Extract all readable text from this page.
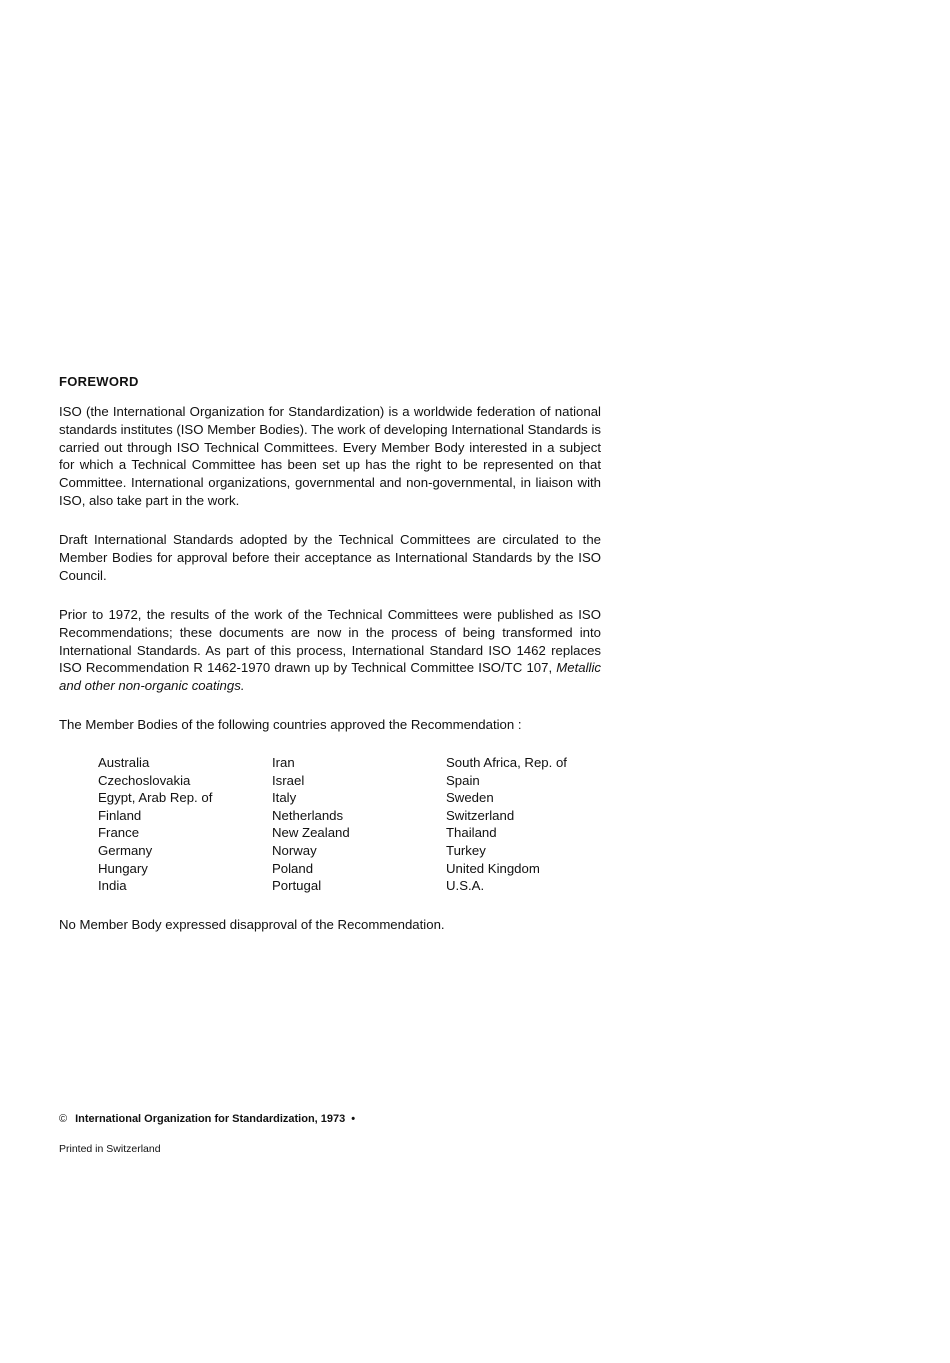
FOREWORD

ISO (the International Organization for Standardization) is a worldwide federation of national standards institutes (ISO Member Bodies). The work of developing International Standards is carried out through ISO Technical Committees. Every Member Body interested in a subject for which a Technical Committee has been set up has the right to be represented on that Committee. International organizations, governmental and non-governmental, in liaison with ISO, also take part in the work.

Draft International Standards adopted by the Technical Committees are circulated to the Member Bodies for approval before their acceptance as International Standards by the ISO Council.

Prior to 1972, the results of the work of the Technical Committees were published as ISO Recommendations; these documents are now in the process of being transformed into International Standards. As part of this process, International Standard ISO 1462 replaces ISO Recommendation R 1462-1970 drawn up by Technical Committee ISO/TC 107, Metallic and other non-organic coatings.

The Member Bodies of the following countries approved the Recommendation :

Australia
Czechoslovakia
Egypt, Arab Rep. of
Finland
France
Germany
Hungary
India
Iran
Israel
Italy
Netherlands
New Zealand
Norway
Poland
Portugal
South Africa, Rep. of
Spain
Sweden
Switzerland
Thailand
Turkey
United Kingdom
U.S.A.

No Member Body expressed disapproval of the Recommendation.

© International Organization for Standardization, 1973 •

Printed in Switzerland
